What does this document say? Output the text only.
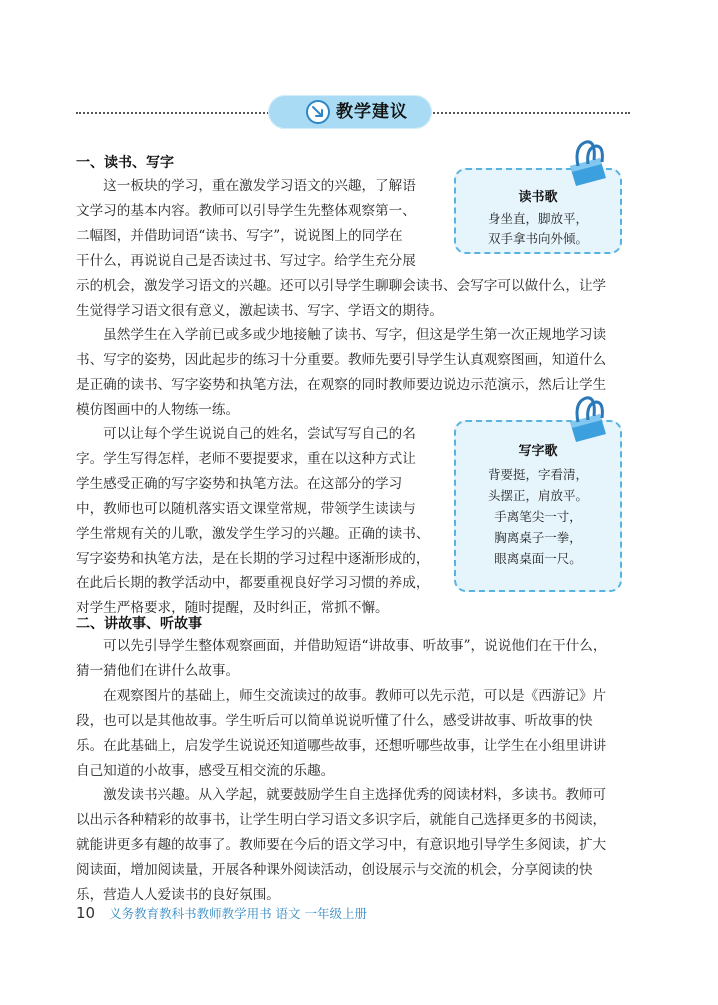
教学建议
一、读书、写字
　　这一板块的学习，重在激发学习语文的兴趣，了解语
文学习的基本内容。教师可以引导学生先整体观察第一、
二幅图，并借助词语“读书、写字”，说说图上的同学在
干什么，再说说自己是否读过书、写过字。给学生充分展
示的机会，激发学习语文的兴趣。还可以引导学生聊聊会读书、会写字可以做什么，让学
生觉得学习语文很有意义，激起读书、写字、学语文的期待。
　　虽然学生在入学前已或多或少地接触了读书、写字，但这是学生第一次正规地学习读
书、写字的姿势，因此起步的练习十分重要。教师先要引导学生认真观察图画，知道什么
是正确的读书、写字姿势和执笔方法，在观察的同时教师要边说边示范演示，然后让学生
模仿图画中的人物练一练。
　　可以让每个学生说说自己的姓名，尝试写写自己的名
字。学生写得怎样，老师不要提要求，重在以这种方式让
学生感受正确的写字姿势和执笔方法。在这部分的学习
中，教师也可以随机落实语文课堂常规，带领学生读读与
学生常规有关的儿歌，激发学生学习的兴趣。正确的读书、
写字姿势和执笔方法，是在长期的学习过程中逐渐形成的，
在此后长期的教学活动中，都要重视良好学习习惯的养成，
对学生严格要求，随时提醒，及时纠正，常抓不懈。
读书歌
身坐直，脚放平，
双手拿书向外倾。
写字歌
背要挺，字看清，
头摆正，肩放平。
手离笔尖一寸，
胸离桌子一拳，
眼离桌面一尺。
二、讲故事、听故事
　　可以先引导学生整体观察画面，并借助短语“讲故事、听故事”，说说他们在干什么，
猜一猜他们在讲什么故事。
　　在观察图片的基础上，师生交流读过的故事。教师可以先示范，可以是《西游记》片
段，也可以是其他故事。学生听后可以简单说说听懂了什么，感受讲故事、听故事的快
乐。在此基础上，启发学生说说还知道哪些故事，还想听哪些故事，让学生在小组里讲讲
自己知道的小故事，感受互相交流的乐趣。
　　激发读书兴趣。从入学起，就要鼓励学生自主选择优秀的阅读材料，多读书。教师可
以出示各种精彩的故事书，让学生明白学习语文多识字后，就能自己选择更多的书阅读，
就能讲更多有趣的故事了。教师要在今后的语文学习中，有意识地引导学生多阅读，扩大
阅读面，增加阅读量，开展各种课外阅读活动，创设展示与交流的机会，分享阅读的快
乐，营造人人爱读书的良好氛围。
10 义务教育教科书教师教学用书 语文 一年级上册
